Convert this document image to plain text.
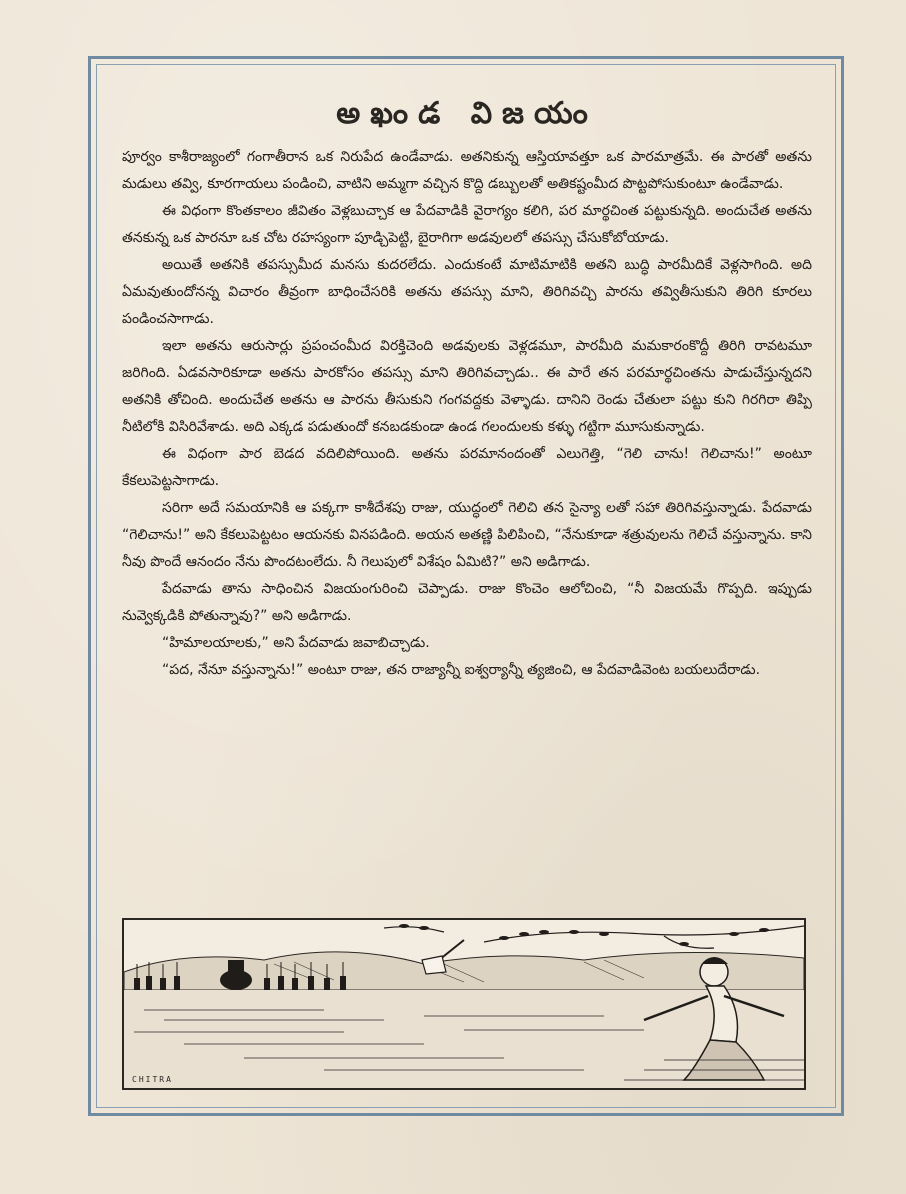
అఖండ విజయం

పూర్వం కాశీరాజ్యంలో గంగాతీరాన ఒక నిరుపేద ఉండేవాడు. అతనికున్న ఆస్తియావత్తూ ఒక పారమాత్రమే. ఈ పారతో అతను మడులు తవ్వి, కూరగాయలు పండించి, వాటిని అమ్మగా వచ్చిన కొద్ది డబ్బులతో అతికష్టంమీద పొట్టపోసుకుంటూ ఉండేవాడు.

ఈ విధంగా కొంతకాలం జీవితం వెళ్లబుచ్చాక ఆ పేదవాడికి వైరాగ్యం కలిగి, పర మార్థచింత పట్టుకున్నది. అందుచేత అతను తనకున్న ఒక పారనూ ఒక చోట రహస్యంగా పూడ్చిపెట్టి, బైరాగిగా అడవులలో తపస్సు చేసుకోబోయాడు.

అయితే అతనికి తపస్సుమీద మనసు కుదరలేదు. ఎందుకంటే మాటిమాటికి అతని బుద్ధి పారమీదికే వెళ్లసాగింది. అది ఏమవుతుందోనన్న విచారం తీవ్రంగా బాధించేసరికి అతను తపస్సు మాని, తిరిగివచ్చి పారను తవ్వితీసుకుని తిరిగి కూరలు పండించసాగాడు.

ఇలా అతను ఆరుసార్లు ప్రపంచంమీద విరక్తిచెంది అడవులకు వెళ్లడమూ, పారమీది మమకారంకొద్దీ తిరిగి రావటమూ జరిగింది. ఏడవసారికూడా అతను పారకోసం తపస్సు మాని తిరిగివచ్చాడు.. ఈ పారే తన పరమార్థచింతను పాడుచేస్తున్నదని అతనికి తోచింది. అందుచేత అతను ఆ పారను తీసుకుని గంగవద్దకు వెళ్ళాడు. దానిని రెండు చేతులా పట్టు కుని గిరగిరా తిప్పి నీటిలోకి విసిరివేశాడు. అది ఎక్కడ పడుతుందో కనబడకుండా ఉండ గలందులకు కళ్ళు గట్టిగా మూసుకున్నాడు.

ఈ విధంగా పార బెడద వదిలిపోయింది. అతను పరమానందంతో ఎలుగెత్తి, “గెలి చాను! గెలిచాను!” అంటూ కేకలుపెట్టసాగాడు.

సరిగా అదే సమయానికి ఆ పక్కగా కాశీదేశపు రాజు, యుద్ధంలో గెలిచి తన సైన్యా లతో సహా తిరిగివస్తున్నాడు. పేదవాడు “గెలిచాను!” అని కేకలుపెట్టటం ఆయనకు వినపడింది. అయన అతణ్ణి పిలిపించి, “నేనుకూడా శత్రువులను గెలిచే వస్తున్నాను. కాని నీవు పొందే ఆనందం నేను పొందటంలేదు. నీ గెలుపులో విశేషం ఏమిటి?” అని అడిగాడు.

పేదవాడు తాను సాధించిన విజయంగురించి చెప్పాడు. రాజు కొంచెం ఆలోచించి, “నీ విజయమే గొప్పది. ఇప్పుడు నువ్వెక్కడికి పోతున్నావు?” అని అడిగాడు.

“హిమాలయాలకు,” అని పేదవాడు జవాబిచ్చాడు.

“పద, నేనూ వస్తున్నాను!” అంటూ రాజు, తన రాజ్యాన్నీ ఐశ్వర్యాన్నీ త్యజించి, ఆ పేదవాడివెంట బయలుదేరాడు.

CHITRA
